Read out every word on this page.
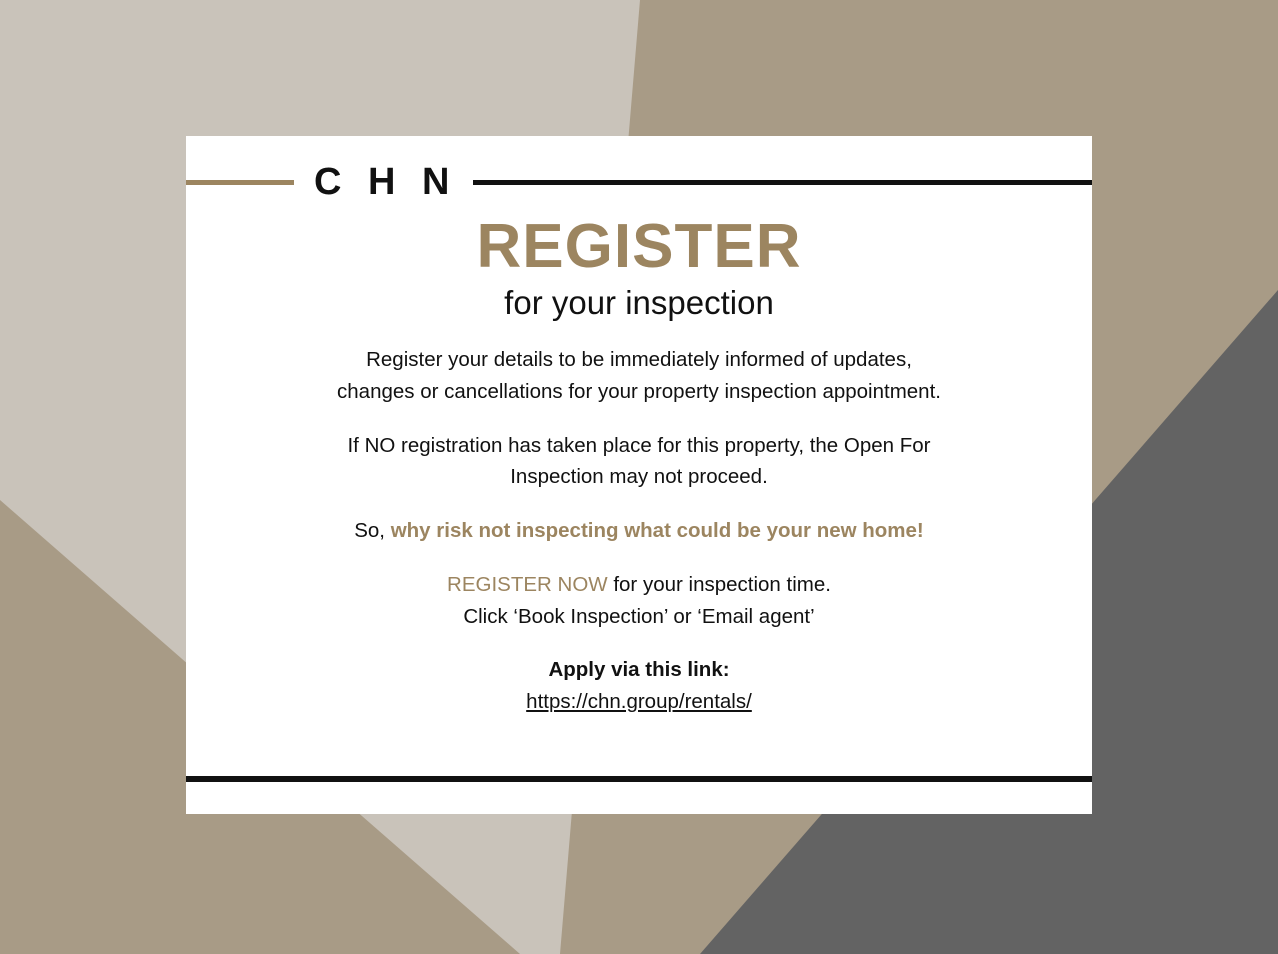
C H N
REGISTER
for your inspection

Register your details to be immediately informed of updates,
changes or cancellations for your property inspection appointment.

If NO registration has taken place for this property, the Open For
Inspection may not proceed.

So, why risk not inspecting what could be your new home!

REGISTER NOW for your inspection time.
Click ‘Book Inspection’ or ‘Email agent’

Apply via this link:
https://chn.group/rentals/
